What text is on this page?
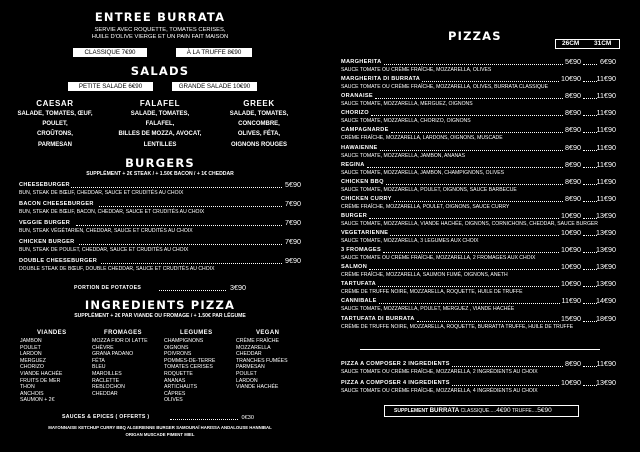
ENTREE BURRATA
SERVIE AVEC ROQUETTE, TOMATES CERISES,
HUILE D'OLIVE VIERGE ET UN PAIN FAIT MAISON
CLASSIQUE 7€90	À LA TRUFFE 8€90
SALADS
PETITE SALADE 6€90	GRANDE SALADE 10€90
CAESAR
SALADE, TOMATES, ŒUF,
POULET,
CROÛTONS,
PARMESAN
FALAFEL
SALADE, TOMATES,
FALAFEL,
BILLES DE MOZZA, AVOCAT,
LENTILLES
GREEK
SALADE, TOMATES,
CONCOMBRE,
OLIVES, FÉTA,
OIGNONS ROUGES
BURGERS
SUPPLÉMENT + 2€ STEAK / + 1.50€ BACON / + 1€ CHEDDAR
CHEESEBURGER	5€90
BUN, STEAK DE BŒUF, CHEDDAR, SAUCE ET CRUDITÉS AU CHOIX
BACON CHEESEBURGER	7€90
BUN, STEAK DE BŒUF, BACON, CHEDDAR, SAUCE ET CRUDITÉS AU CHOIX
VEGGIE BURGER	7€90
BUN, STEAK VÉGÉTARIEN, CHEDDAR, SAUCE ET CRUDITÉS AU CHOIX
CHICKEN BURGER	7€90
BUN, STEAK DE POULET, CHEDDAR, SAUCE ET CRUDITÉS AU CHOIX
DOUBLE CHEESEBURGER	9€90
DOUBLE STEAK DE BŒUF, DOUBLE CHEDDAR, SAUCE ET CRUDITÉS AU CHOIX
PORTION DE POTATOES	3€90
INGREDIENTS PIZZA
SUPPLÉMENT + 2€ PAR VIANDE OU FROMAGE / + 1.50€ PAR LÉGUME
VIANDES
JAMBON
POULET
LARDON
MERGUEZ
CHORIZO
VIANDE HACHÉE
FRUITS DE MER
THON
ANCHOIS
SAUMON + 2€
FROMAGES
MOZZA FIOR DI LATTE
CHÈVRE
GRANA PADANO
FÉTA
BLEU
MAROILLES
RACLETTE
REBLOCHON
CHEDDAR
LEGUMES
CHAMPIGNONS
OIGNONS
POIVRONS
POMMES-DE-TERRE
TOMATES CERISES
ROQUETTE
ANANAS
ARTICHAUTS
CÂPRES
OLIVES
VEGAN
CRÈME FRAÎCHE
MOZZARELLA
CHEDDAR
TRANCHES FUMÉES
PARMESAN
POULET
LARDON
VIANDE HACHÉE
SAUCES & EPICES ( OFFERTS )	0€30
MAYONNAISE KETCHUP CURRY BBQ ALGERIENNE BURGER SAMOURAÏ HARISSA ANDALOUSE HANNIBAL
ORIGAN MUSCADE PIMENT MIEL
PIZZAS
26CM 31CM
MARGHERITA	5€90	6€90
SAUCE TOMATE OU CRÈME FRAÎCHE, MOZZARELLA, OLIVES
MARGHERITA DI BURRATA	10€90 11€90
SAUCE TOMATE OU CRÈME FRAÎCHE, MOZZARELLA, OLIVES, BURRATA CLASSIQUE
ORANAISE	8€90 11€90
SAUCE TOMATE, MOZZARELLA, MERGUEZ, OIGNONS
CHORIZO	8€90 11€90
SAUCE TOMATE, MOZZARELLA, CHORIZO, OIGNONS
CAMPAGNARDE	8€90 11€90
CRÈME FRAÎCHE, MOZZARELLA, LARDONS, OIGNONS, MUSCADE
HAWAIENNE	8€90 11€90
SAUCE TOMATE, MOZZARELLA, JAMBON, ANANAS
REGINA	8€90 11€90
SAUCE TOMATE, MOZZARELLA, JAMBON, CHAMPIGNONS, OLIVES
CHICKEN BBQ	8€90 11€90
SAUCE TOMATE, MOZZARELLA, POULET, OIGNONS, SAUCE BARBECUE
CHICKEN CURRY	8€90 11€90
CRÈME FRAÎCHE, MOZZARELLA, POULET, OIGNONS, SAUCE CURRY
BURGER	10€90 13€90
SAUCE TOMATE, MOZZARELLA, VIANDE HACHÉE, OIGNONS, CORNICHONS, CHEDDAR, SAUCE BURGER
VEGETARIENNE	10€90 13€90
SAUCE TOMATE, MOZZARELLA, 3 LEGUMES AUX CHOIX
3 FROMAGES	10€90 13€90
SAUCE TOMATE OU CRÈME FRAÎCHE, MOZZARELLA, 2 FROMAGES AUX CHOIX
SALMON	10€90 13€90
CRÈME FRAÎCHE, MOZZARELLA, SAUMON FUMÉ, OIGNONS, ANETH
TARTUFATA	10€90 13€90
CRÈME DE TRUFFE NOIRE, MOZZARELLA, ROQUETTE, HUILE DE TRUFFE
CANNIBALE	11€90 14€90
SAUCE TOMATE, MOZZARELLA, POULET, MERGUEZ , VIANDE HACHÉE
TARTUFATA DI BURRATA	15€90 18€90
CRÈME DE TRUFFE NOIRE, MOZZARELLA, ROQUETTE, BURRATTA TRUFFE, HUILE DE TRUFFE
PIZZA A COMPOSER 2 INGREDIENTS	8€90 11€90
SAUCE TOMATE OU CRÈME FRAÎCHE, MOZZARELLA, 2 INGRÉDIENTS AU CHOIX
PIZZA A COMPOSER 4 INGREDIENTS	10€90 13€90
SAUCE TOMATE OU CRÈME FRAÎCHE, MOZZARELLA, 4 INGRÉDIENTS AU CHOIX
SUPPLEMENT BURRATA CLASSIQUE.....4€90 TRUFFE....5€90
